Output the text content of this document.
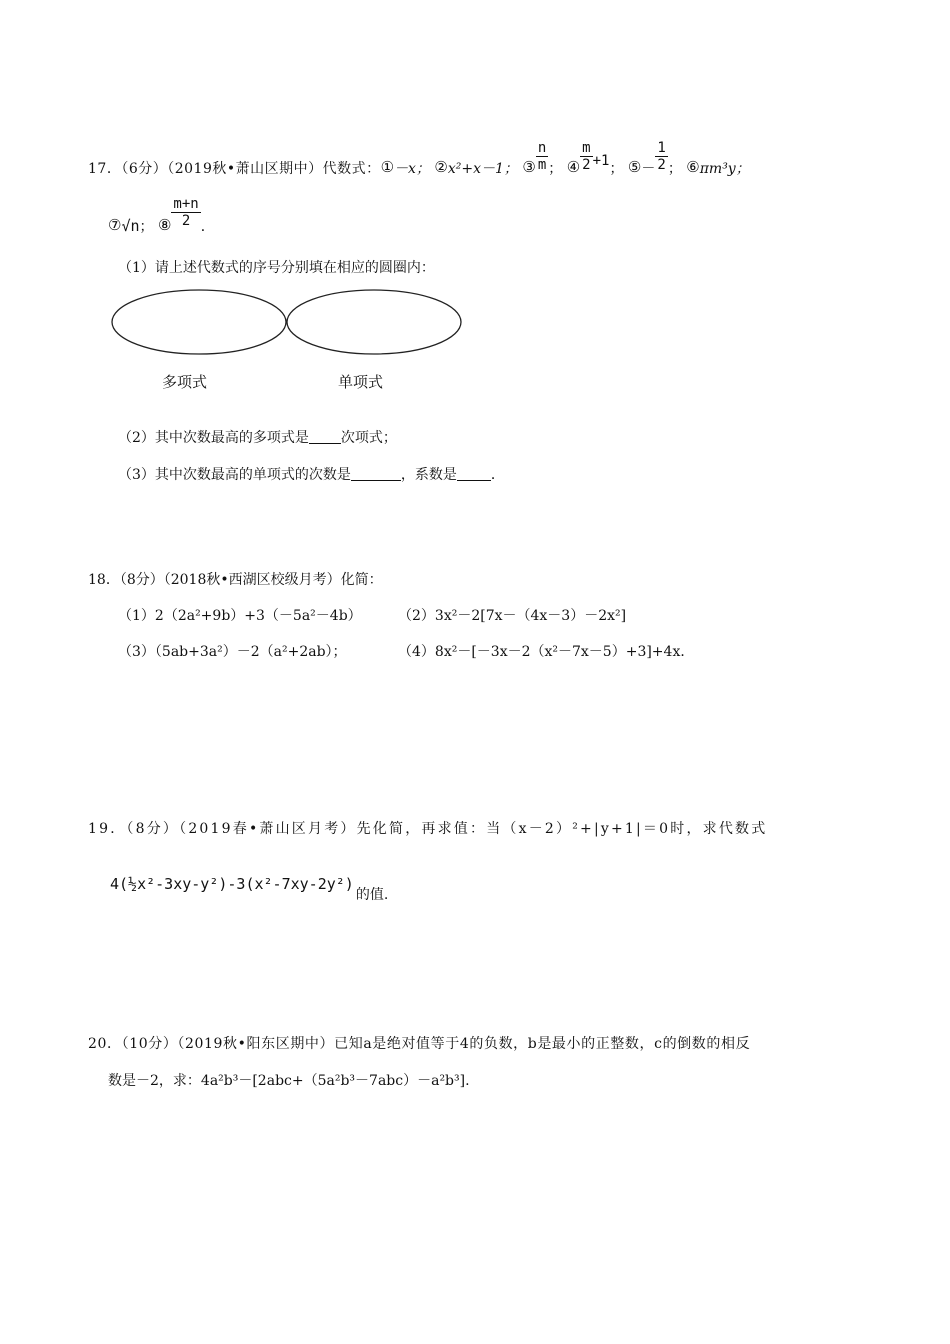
17．（6分）（2019秋•萧山区期中）代数式：①－x； ②x²+x－1； ③ $\frac{n}{m}$ ； ④ $\frac{m}{2} +1$； ⑤－ $\frac{1}{2}$ ； ⑥πm³y；
⑦√n； ⑧ $\frac{m+n}{2}$ ．
（1）请上述代数式的序号分别填在相应的圆圈内：
多项式	单项式
（2）其中次数最高的多项式是 次项式；
（3）其中次数最高的单项式的次数是	，系数是 ．
18．（8分）（2018秋•西湖区校级月考）化简：
（1）2（2a²+9b）+3（－5a²－4b）	（2）3x²－2[7x－（4x－3）－2x²]
（3）（5ab+3a²）－2（a²+2ab）；	（4）8x²－[－3x－2（x²－7x－5）+3]+4x．
19．（8分）（2019春•萧山区月考）先化简，再求值：当（x－2）²+|y+1|＝0时，求代数式
4(½x²-3xy-y²)-3(x²-7xy-2y²)的值.
20．（10分）（2019秋•阳东区期中）已知a是绝对值等于4的负数，b是最小的正整数，c的倒数的相反
数是－2，求：4a²b³－[2abc+（5a²b³－7abc）－a²b³].
